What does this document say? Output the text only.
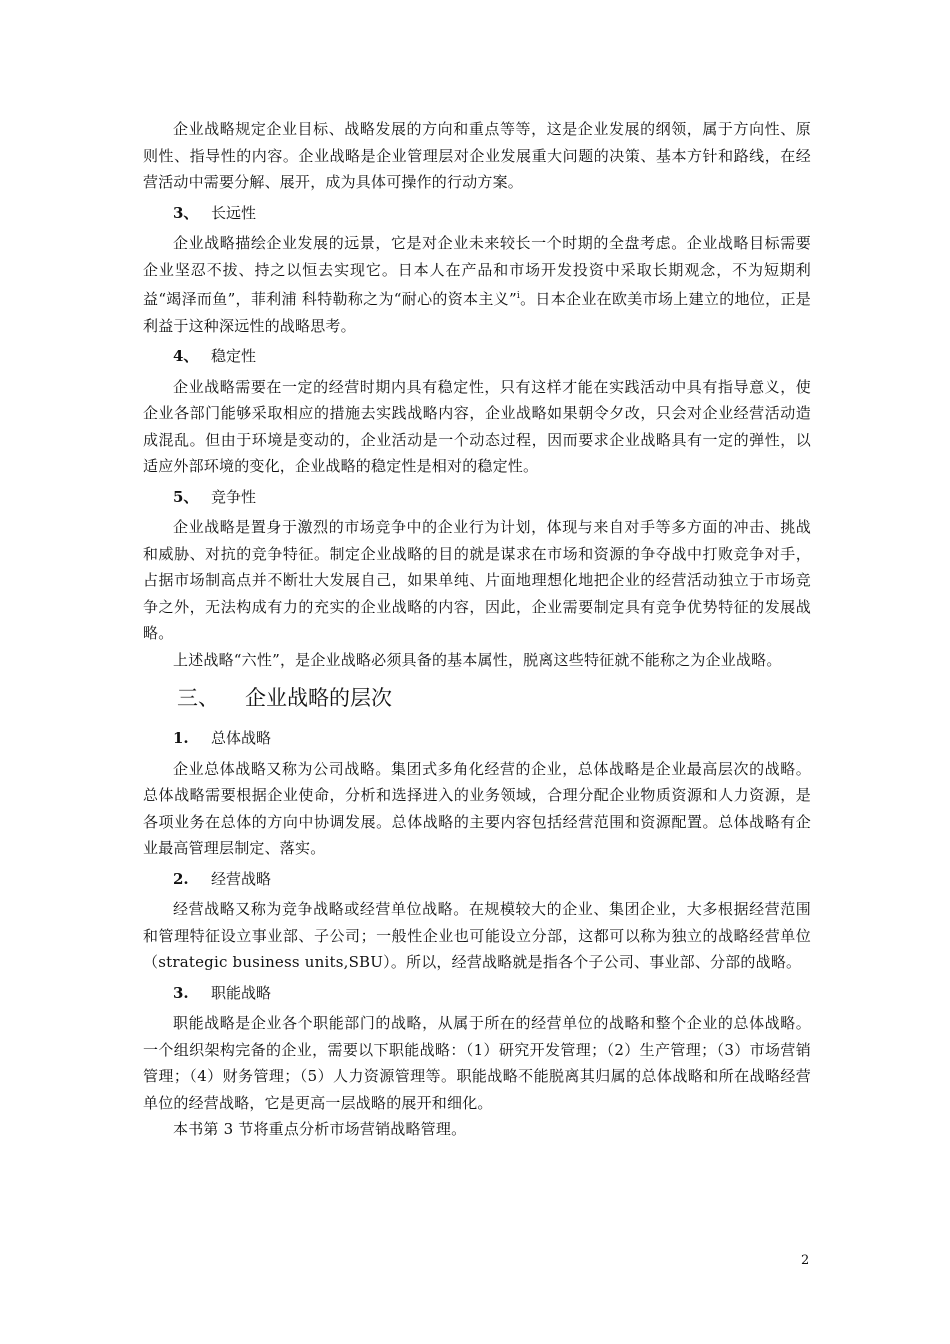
企业战略规定企业目标、战略发展的方向和重点等等，这是企业发展的纲领，属于方向性、原则性、指导性的内容。企业战略是企业管理层对企业发展重大问题的决策、基本方针和路线，在经营活动中需要分解、展开，成为具体可操作的行动方案。

3、 长远性

企业战略描绘企业发展的远景，它是对企业未来较长一个时期的全盘考虑。企业战略目标需要企业坚忍不拔、持之以恒去实现它。日本人在产品和市场开发投资中采取长期观念，不为短期利益“竭泽而鱼”，菲利浦 科特勒称之为“耐心的资本主义”$^i$。日本企业在欧美市场上建立的地位，正是利益于这种深远性的战略思考。

4、 稳定性

企业战略需要在一定的经营时期内具有稳定性，只有这样才能在实践活动中具有指导意义，使企业各部门能够采取相应的措施去实践战略内容，企业战略如果朝令夕改，只会对企业经营活动造成混乱。但由于环境是变动的，企业活动是一个动态过程，因而要求企业战略具有一定的弹性，以适应外部环境的变化，企业战略的稳定性是相对的稳定性。

5、 竞争性

企业战略是置身于激烈的市场竞争中的企业行为计划，体现与来自对手等多方面的冲击、挑战和威胁、对抗的竞争特征。制定企业战略的目的就是谋求在市场和资源的争夺战中打败竞争对手，占据市场制高点并不断壮大发展自己，如果单纯、片面地理想化地把企业的经营活动独立于市场竞争之外，无法构成有力的充实的企业战略的内容，因此，企业需要制定具有竞争优势特征的发展战略。

上述战略“六性”，是企业战略必须具备的基本属性，脱离这些特征就不能称之为企业战略。

三、 企业战略的层次
1. 总体战略

企业总体战略又称为公司战略。集团式多角化经营的企业，总体战略是企业最高层次的战略。总体战略需要根据企业使命，分析和选择进入的业务领域，合理分配企业物质资源和人力资源，是各项业务在总体的方向中协调发展。总体战略的主要内容包括经营范围和资源配置。总体战略有企业最高管理层制定、落实。

2. 经营战略

经营战略又称为竞争战略或经营单位战略。在规模较大的企业、集团企业，大多根据经营范围和管理特征设立事业部、子公司；一般性企业也可能设立分部，这都可以称为独立的战略经营单位（strategic business units,SBU）。所以，经营战略就是指各个子公司、事业部、分部的战略。

3. 职能战略

职能战略是企业各个职能部门的战略，从属于所在的经营单位的战略和整个企业的总体战略。一个组织架构完备的企业，需要以下职能战略：（1）研究开发管理；（2）生产管理；（3）市场营销管理；（4）财务管理；（5）人力资源管理等。职能战略不能脱离其归属的总体战略和所在战略经营单位的经营战略，它是更高一层战略的展开和细化。

本书第 3 节将重点分析市场营销战略管理。

2
